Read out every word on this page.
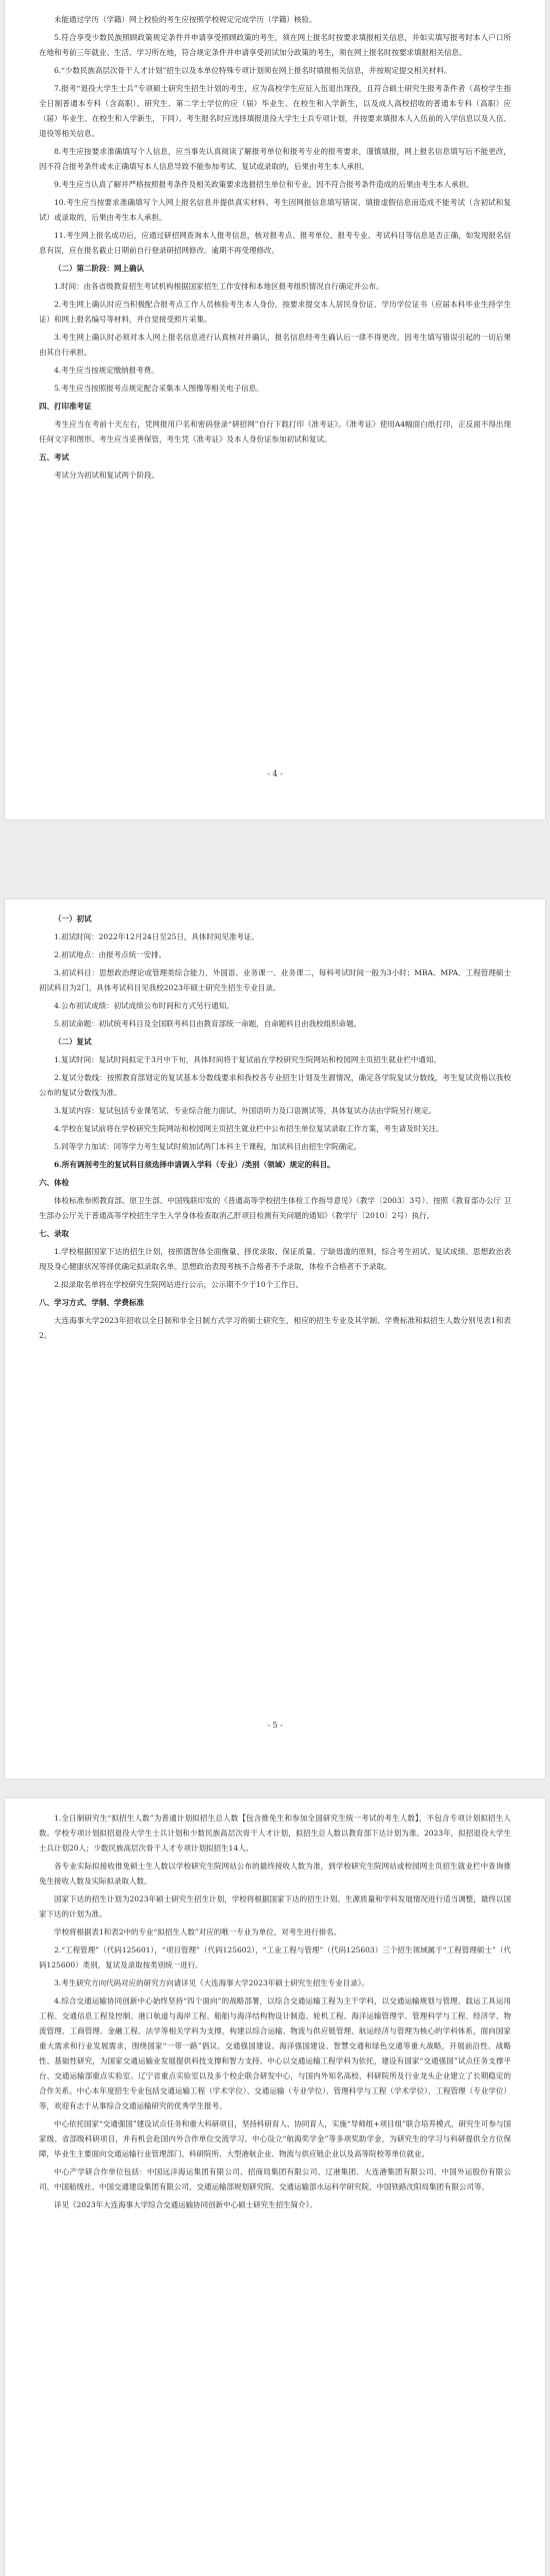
未能通过学历（学籍）网上校验的考生应按照学校规定完成学历（学籍）核验。

5.符合享受少数民族照顾政策规定条件并申请享受照顾政策的考生，须在网上报名时按要求填报相关信息，并如实填写报考时本人户口所在地和考前三年就业、生活、学习所在地，符合规定条件并申请享受初试加分政策的考生，须在网上报名时按要求填报相关信息。

6.“少数民族高层次骨干人才计划”招生以及本单位特殊专项计划须在网上报名时填报相关信息，并按规定提交相关材料。

7.报考“退役大学生士兵”专项硕士研究生招生计划的考生，应为高校学生应征入伍退出现役，且符合硕士研究生报考条件者（高校学生指全日制普通本专科（含高职）、研究生、第二学士学位的应（届）毕业生、在校生和入学新生，以及成人高校招收的普通本专科（高职）应（届）毕业生、在校生和入学新生，下同）。考生报名时应选择填报退役大学生士兵专项计划，并按要求填报本人入伍前的入学信息以及入伍、退役等相关信息。

8.考生应按要求准确填写个人信息，应当事先认真阅读了解报考单位和报考专业的报考要求，谨慎填报，网上报名信息填写后不能更改，因不符合报考条件或未正确填写本人信息导致不能参加考试、复试或录取的，后果由考生本人承担。

9.考生应当认真了解并严格按照报考条件及相关政策要求选报招生单位和专业。因不符合报考条件造成的后果由考生本人承担。

10.考生应当按要求准确填写个人网上报名信息并提供真实材料。考生因网报信息填写错误、填报虚假信息而造成不能考试（含初试和复试）或录取的，后果由考生本人承担。

11.考生网上报名成功后，应通过研招网查询本人报考信息，核对报考点、报考单位、报考专业、考试科目等信息是否正确，如发现报名信息有误，应在报名截止日期前自行登录研招网修改。逾期不再受理修改。

（二）第二阶段：网上确认

1.时间：由各省级教育招生考试机构根据国家招生工作安排和本地区报考组织情况自行确定并公布。

2.考生网上确认时应当积极配合报考点工作人员核验考生本人身份，按要求提交本人居民身份证、学历学位证书（应届本科毕业生持学生证）和网上报名编号等材料，并自觉接受照片采集。

3.考生网上确认时必须对本人网上报名信息进行认真核对并确认，报名信息经考生确认后一律不得更改。因考生填写错误引起的一切后果由其自行承担。

4.考生应当按规定缴纳报考费。

5.考生应当按照报考点规定配合采集本人图像等相关电子信息。

四、打印准考证

考生应当在考前十天左右，凭网报用户名和密码登录“研招网”自行下载打印《准考证》。《准考证》使用A4幅面白纸打印，正反面不得出现任何文字和图形。考生应当妥善保管，考生凭《准考证》及本人身份证参加初试和复试。

五、考试

考试分为初试和复试两个阶段。

- 4 -

（一）初试

1.初试时间：2022年12月24日至25日，具体时间见准考证。

2.初试地点：由报考点统一安排。

3.初试科目：思想政治理论或管理类综合能力、外国语、业务课一、业务课二，每科考试时间一般为3小时；MBA、MPA、工程管理硕士初试科目为2门，具体考试科目见我校2023年硕士研究生招生专业目录。

4.公布初试成绩：初试成绩公布时间和方式另行通知。

5.初试命题：初试统考科目及全国联考科目由教育部统一命题，自命题科目由我校组织命题。

（二）复试

1.复试时间：复试时间拟定于3月中下旬，具体时间将于复试前在学校研究生院网站和校园网主页招生就业栏中通知。

2.复试分数线：按照教育部划定的复试基本分数线要求和我校各专业招生计划及生源情况，确定各学院复试分数线，考生复试资格以我校公布的复试分数线为准。

3.复试内容：复试包括专业课笔试、专业综合能力面试、外国语听力及口语测试等，具体复试办法由学院另行规定。

4.学校在复试前将在学校研究生院网站和校园网主页招生就业栏中公布招生单位复试录取工作方案，考生请及时关注。

5.同等学力加试：同等学力考生复试时须加试两门本科主干课程，加试科目由招生学院确定。

6.所有调剂考生的复试科目须选择申请调入学科（专业）/类别（领域）规定的科目。

六、体检

体检标准参照教育部、原卫生部、中国残联印发的《普通高等学校招生体检工作指导意见》（教学〔2003〕3号）、按照《教育部办公厅 卫生部办公厅关于普通高等学校招生学生入学身体检查取消乙肝项目检测有关问题的通知》（教学厅〔2010〕2号）执行。

七、录取

1.学校根据国家下达的招生计划，按照德智体全面衡量、择优录取、保证质量、宁缺毋滥的原则，综合考生初试、复试成绩、思想政治表现及身心健康状况等择优确定拟录取名单。思想政治表现考核不合格者不予录取，体检不合格者不予录取。

2.拟录取名单将在学校研究生院网站进行公示，公示期不少于10个工作日。

八、学习方式、学制、学费标准

大连海事大学2023年招收以全日制和非全日制方式学习的硕士研究生，相应的招生专业及其学制、学费标准和拟招生人数分别见表1和表2。

- 5 -

1.全日制研究生“拟招生人数”为普通计划拟招生总人数【包含推免生和参加全国研究生统一考试的考生人数】，不包含专项计划拟招生人数。学校专项计划拟招退役大学生士兵计划和少数民族高层次骨干人才计划，拟招生总人数以教育部下达计划为准。2023年，拟招退役大学生士兵计划20人；少数民族高层次骨干人才专项计划拟招生14人。

各专业实际拟接收推免硕士生人数以学校研究生院网站公布的最终接收人数为准，到学校研究生院网站或校园网主页招生就业栏中查询推免生接收人数及实际拟录取人数。

国家下达的招生计划为2023年硕士研究生招生计划，学校将根据国家下达的招生计划、生源质量和学科发展情况进行适当调整，最终以国家下达的计划为准。

学校将根据表1和表2中的专业“拟招生人数”对应的唯一专业为单位，对考生进行排名。

2.“工程管理”（代码125601），“项目管理”（代码125602），“工业工程与管理”（代码125603）三个招生领域属于“工程管理硕士”（代码125600）类别，复试及录取按类别统一进行。

3.考生研究方向代码对应的研究方向请详见《大连海事大学2023年硕士研究生招生专业目录》。

4.综合交通运输协同创新中心始终坚持“四个面向”的战略部署，以综合交通运输工程为主干学科，以交通运输规划与管理、载运工具运用工程、交通信息工程及控制、港口航道与海岸工程、船舶与海洋结构物设计制造、轮机工程、海洋运输管理学、管理科学与工程、经济学、物流管理、工商管理、金融工程、法学等相关学科为支撑，构建以综合运输、物流与供应链管理、航运经济与管理为核心的学科体系，面向国家重大需求和行业发展需求，围绕国家“一带一路”倡议、交通强国建设、海洋强国建设、智慧交通和绿色交通等重大战略，开展前沿性、战略性、基础性研究，为国家交通运输业发展提供科技支撑和智力支持。中心以交通运输工程学科为依托，建设有国家“交通强国”试点任务支撑平台、交通运输部重点实验室、辽宁省重点实验室以及多个校企联合研发中心，与国内外知名高校、科研院所及行业龙头企业建立了长期稳定的合作关系。中心本年度招生专业包括交通运输工程（学术学位）、交通运输（专业学位）、管理科学与工程（学术学位）、工程管理（专业学位）等，欢迎有志于从事综合交通运输研究的优秀学生报考。

中心依托国家“交通强国”建设试点任务和重大科研项目，坚持科研育人、协同育人，实施“导师组+项目组”联合培养模式，研究生可参与国家级、省部级科研项目，并有机会赴国内外合作单位交流学习。中心设立“航海奖学金”等多项奖助学金，为研究生的学习与科研提供全方位保障，毕业生主要面向交通运输行业管理部门、科研院所、大型港航企业、物流与供应链企业以及高等院校等单位就业。

中心产学研合作单位包括：中国远洋海运集团有限公司、招商局集团有限公司、辽港集团、大连港集团有限公司、中国外运股份有限公司、中国船级社、中国交通建设集团有限公司、交通运输部规划研究院、交通运输部水运科学研究院、中国铁路沈阳局集团有限公司等。

详见《2023年大连海事大学综合交通运输协同创新中心硕士研究生招生简介》。
